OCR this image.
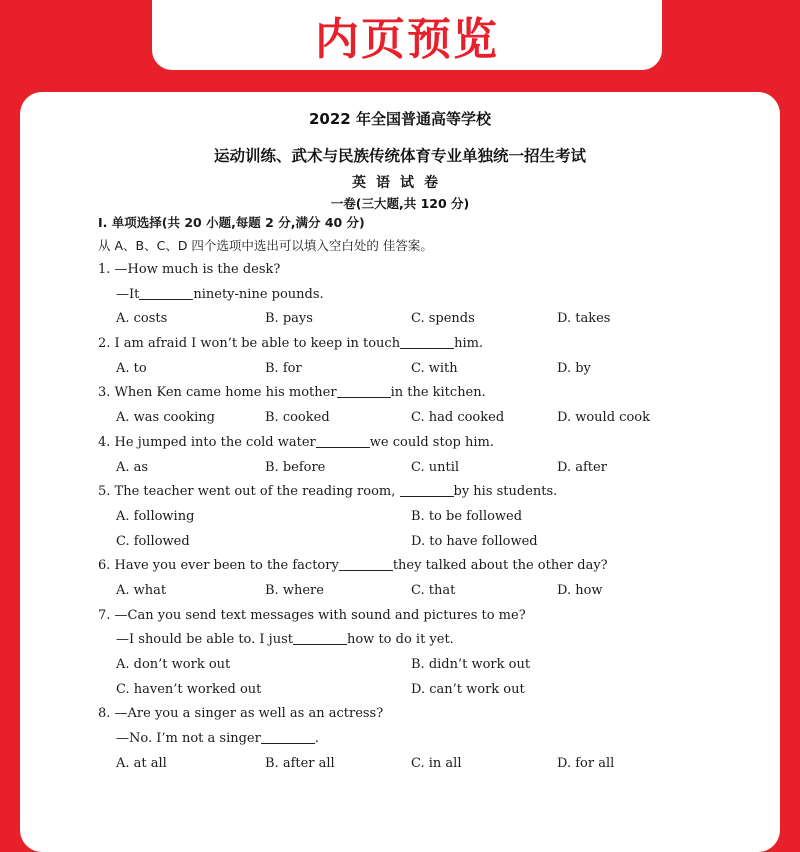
内页预览
2022 年全国普通高等学校
运动训练、武术与民族传统体育专业单独统一招生考试
英语试卷
一卷(三大题,共 120 分)
Ⅰ. 单项选择(共 20 小题,每题 2 分,满分 40 分)
从 A、B、C、D 四个选项中选出可以填入空白处的 佳答案。
1. —How much is the desk?
—It	ninety-nine pounds.
A. costs	B. pays	C. spends	D. takes
2. I am afraid I won’t be able to keep in touch	him.
A. to	B. for	C. with	D. by
3. When Ken came home his mother	in the kitchen.
A. was cooking	B. cooked	C. had cooked	D. would cook
4. He jumped into the cold water	we could stop him.
A. as	B. before	C. until	D. after
5. The teacher went out of the reading room,	by his students.
A. following	B. to be followed
C. followed	D. to have followed
6. Have you ever been to the factory	they talked about the other day?
A. what	B. where	C. that	D. how
7. —Can you send text messages with sound and pictures to me?
—I should be able to. I just	how to do it yet.
A. don’t work out	B. didn’t work out
C. haven’t worked out	D. can’t work out
8. —Are you a singer as well as an actress?
—No. I’m not a singer	.
A. at all	B. after all	C. in all	D. for all
